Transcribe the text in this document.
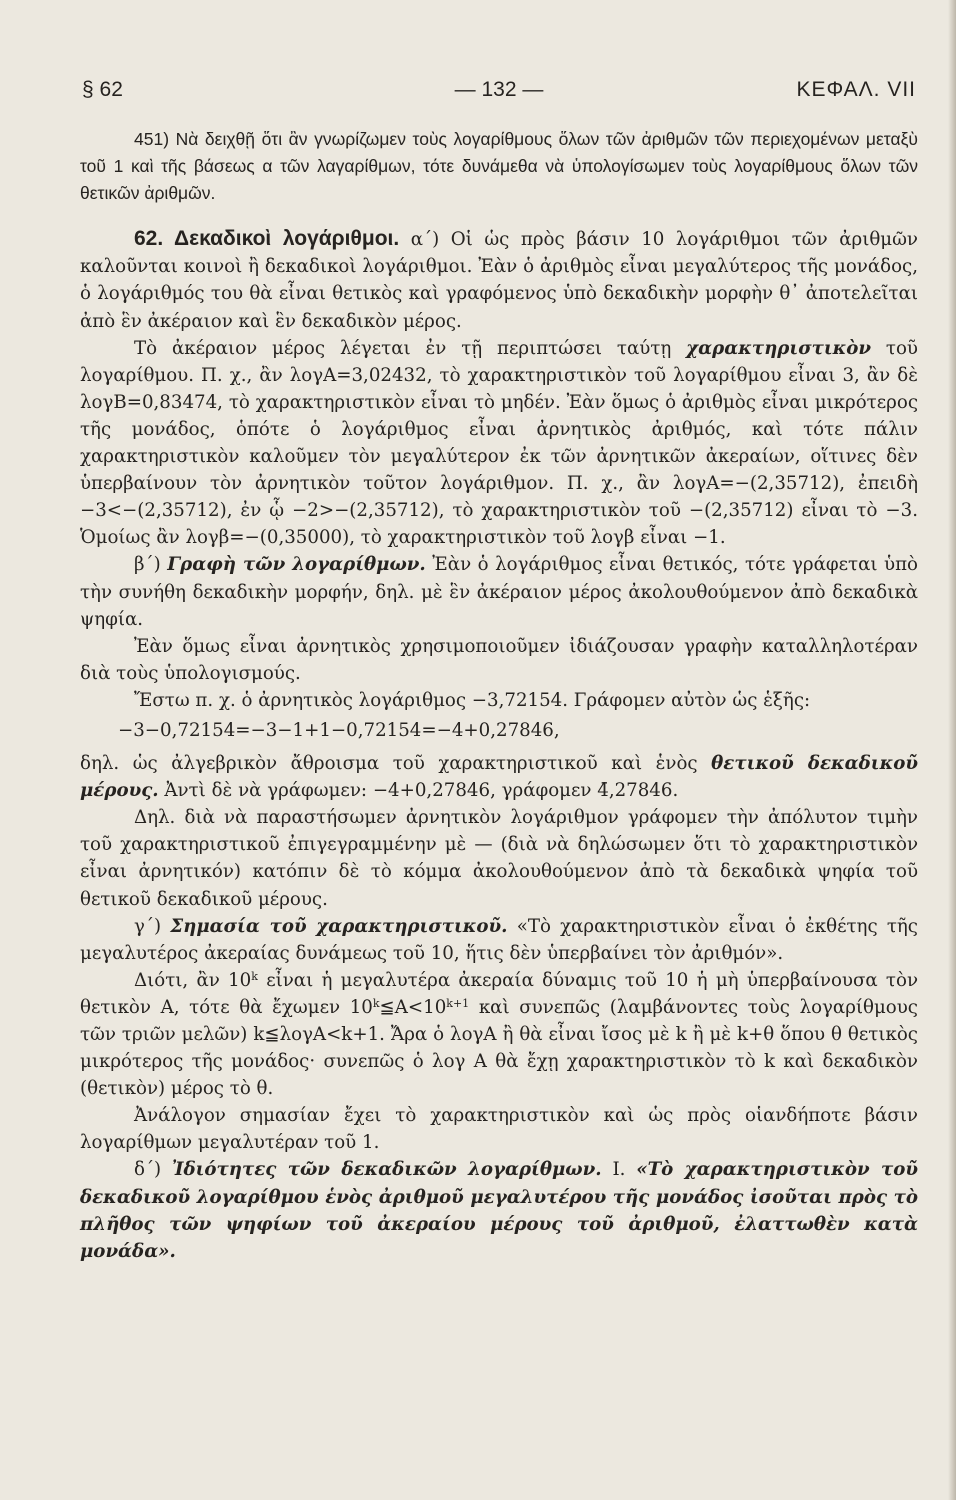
§ 62	— 132 —	ΚΕΦΑΛ. VII

451) Νὰ δειχθῇ ὅτι ἂν γνωρίζωμεν τοὺς λογαρίθμους ὅλων τῶν ἀριθμῶν τῶν περιεχομένων μεταξὺ τοῦ 1 καὶ τῆς βάσεως α τῶν λαγαρίθμων, τότε δυνάμεθα νὰ ὑπολογίσωμεν τοὺς λογαρίθμους ὅλων τῶν θετικῶν ἀριθμῶν.

62. Δεκαδικοὶ λογάριθμοι. α΄) Οἱ ὡς πρὸς βάσιν 10 λογάριθμοι τῶν ἀριθμῶν καλοῦνται κοινοὶ ἢ δεκαδικοὶ λογάριθμοι. Ἐὰν ὁ ἀριθμὸς εἶναι μεγαλύτερος τῆς μονάδος, ὁ λογάριθμός του θὰ εἶναι θετικὸς καὶ γραφόμενος ὑπὸ δεκαδικὴν μορφὴν θ᾽ ἀποτελεῖται ἀπὸ ἓν ἀκέραιον καὶ ἓν δεκαδικὸν μέρος.

Τὸ ἀκέραιον μέρος λέγεται ἐν τῇ περιπτώσει ταύτῃ χαρακτηριστικὸν τοῦ λογαρίθμου. Π. χ., ἂν λογΑ=3,02432, τὸ χαρακτηριστικὸν τοῦ λογαρίθμου εἶναι 3, ἂν δὲ λογΒ=0,83474, τὸ χαρακτηριστικὸν εἶναι τὸ μηδέν. Ἐὰν ὅμως ὁ ἀριθμὸς εἶναι μικρότερος τῆς μονάδος, ὁπότε ὁ λογάριθμος εἶναι ἀρνητικὸς ἀριθμός, καὶ τότε πάλιν χαρακτηριστικὸν καλοῦμεν τὸν μεγαλύτερον ἐκ τῶν ἀρνητικῶν ἀκεραίων, οἵτινες δὲν ὑπερβαίνουν τὸν ἀρνητικὸν τοῦτον λογάριθμον. Π. χ., ἂν λογΑ=−(2,35712), ἐπειδὴ −3<−(2,35712), ἐν ᾧ −2>−(2,35712), τὸ χαρακτηριστικὸν τοῦ −(2,35712) εἶναι τὸ −3. Ὁμοίως ἂν λογβ=−(0,35000), τὸ χαρακτηριστικὸν τοῦ λογβ εἶναι −1.

β΄) Γραφὴ τῶν λογαρίθμων. Ἐὰν ὁ λογάριθμος εἶναι θετικός, τότε γράφεται ὑπὸ τὴν συνήθη δεκαδικὴν μορφήν, δηλ. μὲ ἓν ἀκέραιον μέρος ἀκολουθούμενον ἀπὸ δεκαδικὰ ψηφία.

Ἐὰν ὅμως εἶναι ἀρνητικὸς χρησιμοποιοῦμεν ἰδιάζουσαν γραφὴν καταλληλοτέραν διὰ τοὺς ὑπολογισμούς.

Ἔστω π. χ. ὁ ἀρνητικὸς λογάριθμος −3,72154. Γράφομεν αὐτὸν ὡς ἑξῆς:

−3−0,72154=−3−1+1−0,72154=−4+0,27846,

δηλ. ὡς ἀλγεβρικὸν ἄθροισμα τοῦ χαρακτηριστικοῦ καὶ ἑνὸς θετικοῦ δεκαδικοῦ μέρους. Ἀντὶ δὲ νὰ γράφωμεν: −4+0,27846, γράφομεν 4̄,27846.

Δηλ. διὰ νὰ παραστήσωμεν ἀρνητικὸν λογάριθμον γράφομεν τὴν ἀπόλυτον τιμὴν τοῦ χαρακτηριστικοῦ ἐπιγεγραμμένην μὲ — (διὰ νὰ δηλώσωμεν ὅτι τὸ χαρακτηριστικὸν εἶναι ἀρνητικόν) κατόπιν δὲ τὸ κόμμα ἀκολουθούμενον ἀπὸ τὰ δεκαδικὰ ψηφία τοῦ θετικοῦ δεκαδικοῦ μέρους.

γ΄) Σημασία τοῦ χαρακτηριστικοῦ. «Τὸ χαρακτηριστικὸν εἶναι ὁ ἐκθέτης τῆς μεγαλυτέρος ἀκεραίας δυνάμεως τοῦ 10, ἥτις δὲν ὑπερβαίνει τὸν ἀριθμόν».

Διότι, ἂν 10$^k$ εἶναι ἡ μεγαλυτέρα ἀκεραία δύναμις τοῦ 10 ἡ μὴ ὑπερβαίνουσα τὸν θετικὸν Α, τότε θὰ ἔχωμεν $10^k≦A<10^{k+1}$ καὶ συνεπῶς (λαμβάνοντες τοὺς λογαρίθμους τῶν τριῶν μελῶν) k≦λογΑ<k+1. Ἄρα ὁ λογΑ ἢ θὰ εἶναι ἴσος μὲ k ἢ μὲ k+θ ὅπου θ θετικὸς μικρότερος τῆς μονάδος· συνεπῶς ὁ λογ Α θὰ ἔχῃ χαρακτηριστικὸν τὸ k καὶ δεκαδικὸν (θετικὸν) μέρος τὸ θ.

Ἀνάλογον σημασίαν ἔχει τὸ χαρακτηριστικὸν καὶ ὡς πρὸς οἱανδήποτε βάσιν λογαρίθμων μεγαλυτέραν τοῦ 1.

δ΄) Ἰδιότητες τῶν δεκαδικῶν λογαρίθμων. Ι. «Τὸ χαρακτηριστικὸν τοῦ δεκαδικοῦ λογαρίθμου ἑνὸς ἀριθμοῦ μεγαλυτέρου τῆς μονάδος ἰσοῦται πρὸς τὸ πλῆθος τῶν ψηφίων τοῦ ἀκεραίου μέρους τοῦ ἀριθμοῦ, ἐλαττωθὲν κατὰ μονάδα».
